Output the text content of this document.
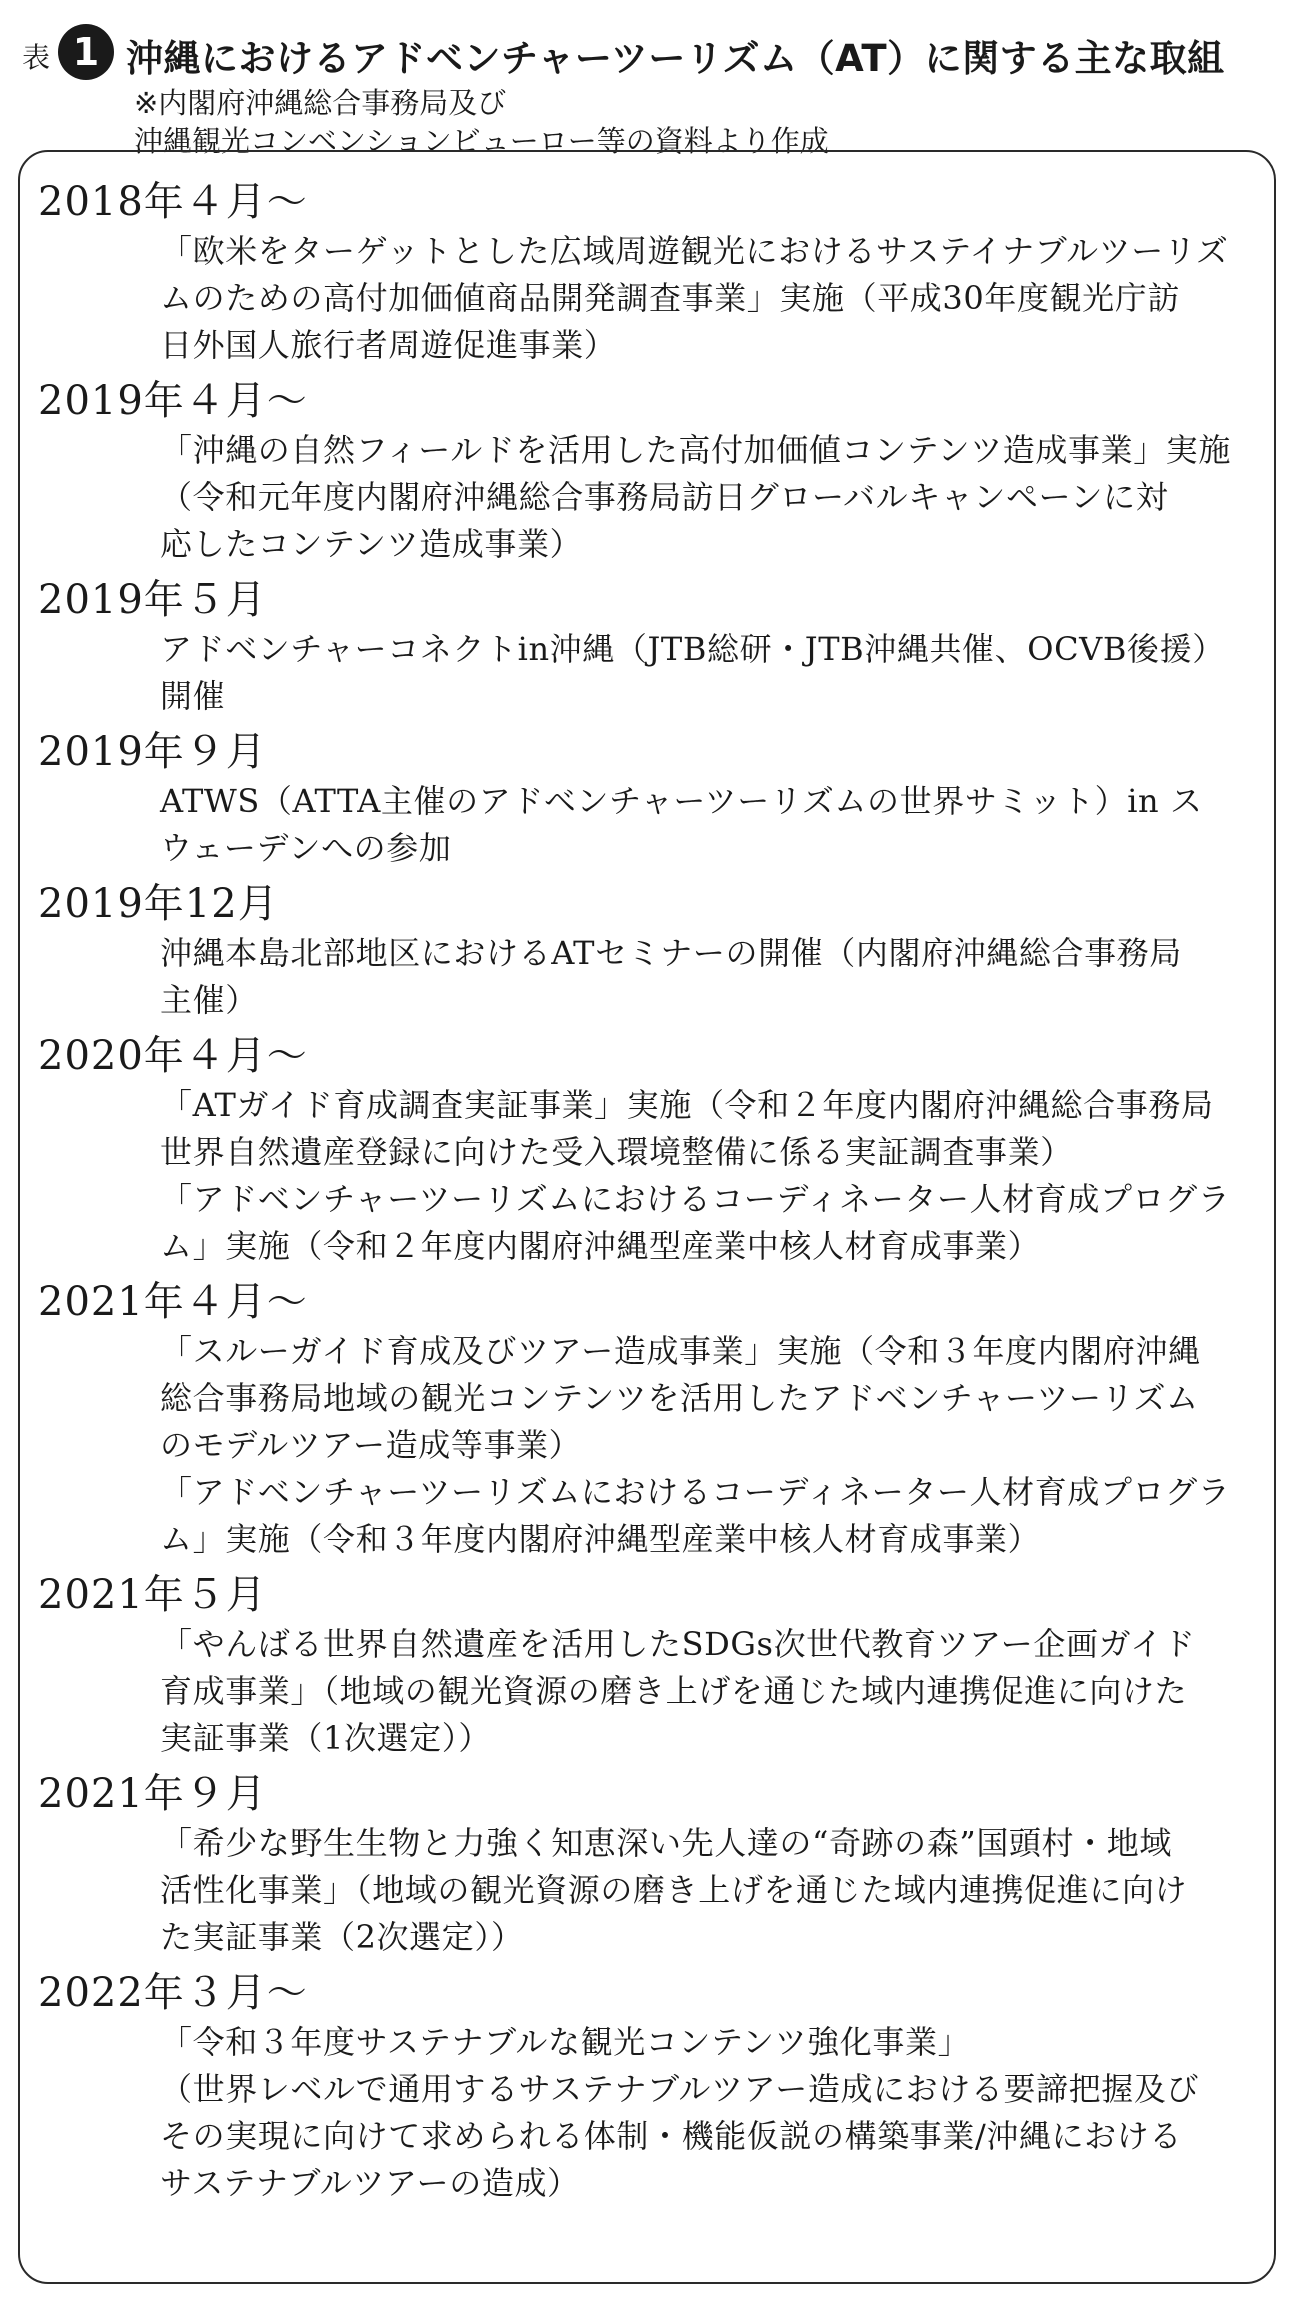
表 1 沖縄におけるアドベンチャーツーリズム（AT）に関する主な取組
※内閣府沖縄総合事務局及び
沖縄観光コンベンションビューロー等の資料より作成
2018年４月～
「欧米をターゲットとした広域周遊観光におけるサステイナブルツーリズ
ムのための高付加価値商品開発調査事業」実施（平成30年度観光庁訪
日外国人旅行者周遊促進事業）
2019年４月～
「沖縄の自然フィールドを活用した高付加価値コンテンツ造成事業」実施
（令和元年度内閣府沖縄総合事務局訪日グローバルキャンペーンに対
応したコンテンツ造成事業）
2019年５月
アドベンチャーコネクトin沖縄（JTB総研・JTB沖縄共催、OCVB後援）
開催
2019年９月
ATWS（ATTA主催のアドベンチャーツーリズムの世界サミット）in ス
ウェーデンへの参加
2019年12月
沖縄本島北部地区におけるATセミナーの開催（内閣府沖縄総合事務局
主催）
2020年４月～
「ATガイド育成調査実証事業」実施（令和２年度内閣府沖縄総合事務局
世界自然遺産登録に向けた受入環境整備に係る実証調査事業）
「アドベンチャーツーリズムにおけるコーディネーター人材育成プログラ
ム」実施（令和２年度内閣府沖縄型産業中核人材育成事業）
2021年４月～
「スルーガイド育成及びツアー造成事業」実施（令和３年度内閣府沖縄
総合事務局地域の観光コンテンツを活用したアドベンチャーツーリズム
のモデルツアー造成等事業）
「アドベンチャーツーリズムにおけるコーディネーター人材育成プログラ
ム」実施（令和３年度内閣府沖縄型産業中核人材育成事業）
2021年５月
「やんばる世界自然遺産を活用したSDGs次世代教育ツアー企画ガイド
育成事業」（地域の観光資源の磨き上げを通じた域内連携促進に向けた
実証事業（1次選定））
2021年９月
「希少な野生生物と力強く知恵深い先人達の“奇跡の森”国頭村・地域
活性化事業」（地域の観光資源の磨き上げを通じた域内連携促進に向け
た実証事業（2次選定））
2022年３月～
「令和３年度サステナブルな観光コンテンツ強化事業」
（世界レベルで通用するサステナブルツアー造成における要諦把握及び
その実現に向けて求められる体制・機能仮説の構築事業/沖縄における
サステナブルツアーの造成）
